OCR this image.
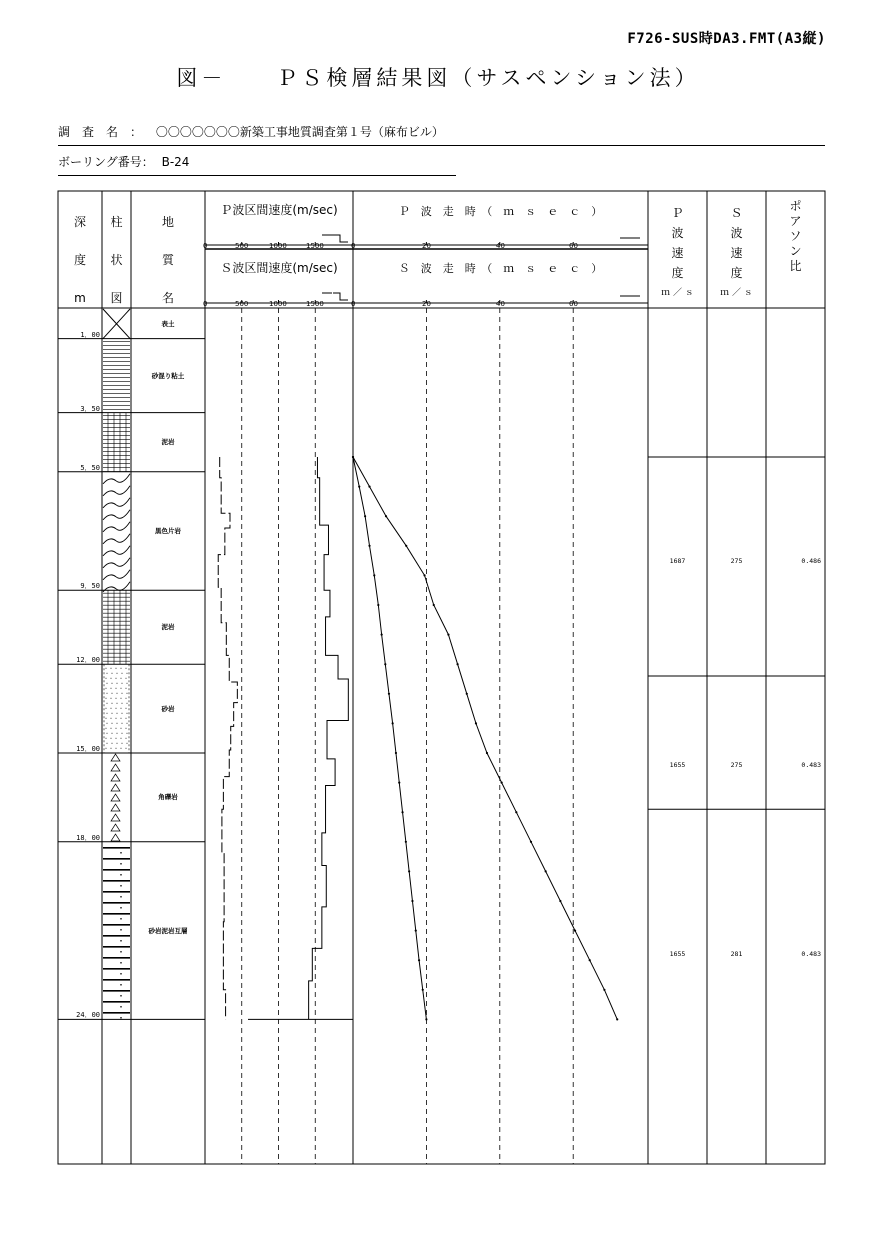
F726-SUS時DA3.FMT(A3縦)
図－　　ＰＳ検層結果図（サスペンション法）
調　査　名　： 〇〇〇〇〇〇〇新築工事地質調査第１号（麻布ビル）
ボーリング番号： B-24
深
度
m
柱
状
図
地
質
名
Ｐ波区間速度(m/sec)
Ｓ波区間速度(m/sec)
Ｐ　波　走　時　（　ｍ　ｓ　ｅ　ｃ　）
Ｓ　波　走　時　（　ｍ　ｓ　ｅ　ｃ　）
Ｐ
波
速
度
ｍ ／ ｓ
Ｓ
波
速
度
ｍ ／ ｓ
ポ
ア
ソ
ン
比
0	500	1000	1500
0	500	1000	1500
0	20	40	60
0	20	40	60
1．00
表土
3．50
砂混り粘土
5．50
泥岩
9．50
黒色片岩
12．00
泥岩
15．00
砂岩
18．00
角礫岩
24．00
砂岩泥岩互層
1687	275	0.486
1655	275	0.483
1655	281	0.483
